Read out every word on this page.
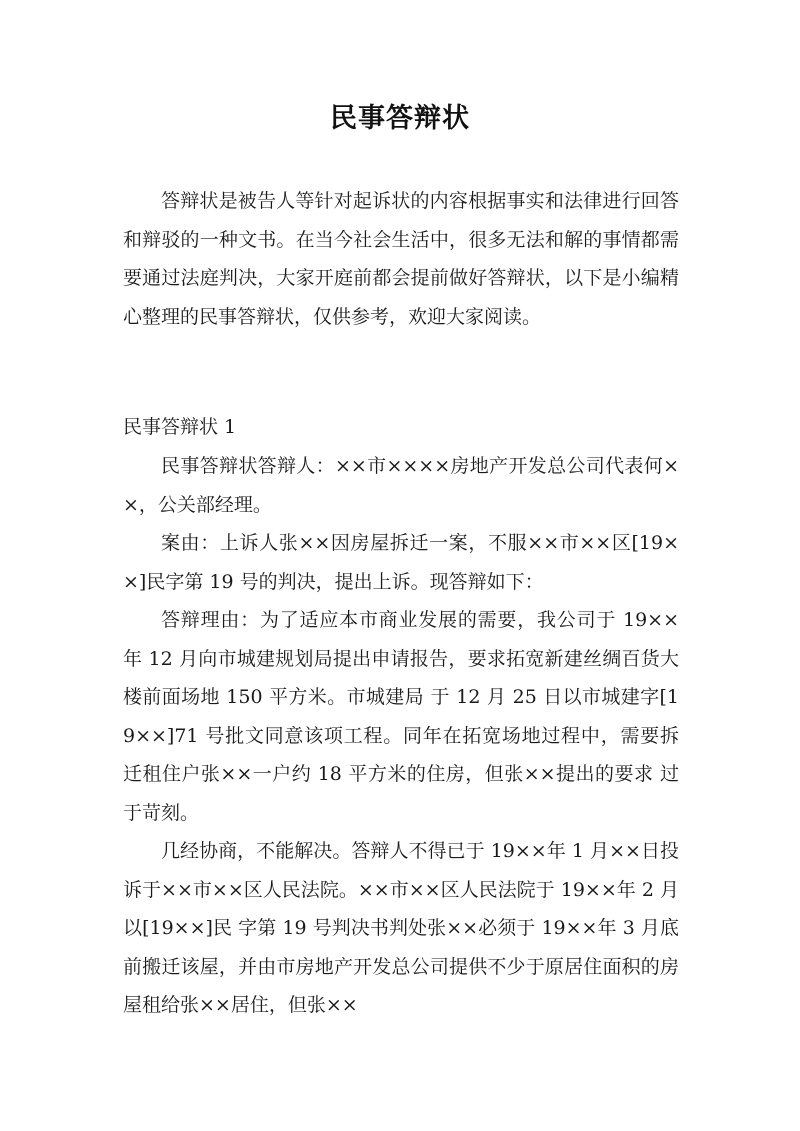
民事答辩状

答辩状是被告人等针对起诉状的内容根据事实和法律进行回答和辩驳的一种文书。在当今社会生活中，很多无法和解的事情都需要通过法庭判决，大家开庭前都会提前做好答辩状，以下是小编精心整理的民事答辩状，仅供参考，欢迎大家阅读。

民事答辩状 1

民事答辩状答辩人：××市××××房地产开发总公司代表何××，公关部经理。

案由：上诉人张××因房屋拆迁一案，不服××市××区[19××]民字第 19 号的判决，提出上诉。现答辩如下：

答辩理由：为了适应本市商业发展的需要，我公司于 19××年 12 月向市城建规划局提出申请报告，要求拓宽新建丝绸百货大楼前面场地 150 平方米。市城建局 于 12 月 25 日以市城建字[19××]71 号批文同意该项工程。同年在拓宽场地过程中，需要拆迁租住户张××一户约 18 平方米的住房，但张××提出的要求 过于苛刻。

几经协商，不能解决。答辩人不得已于 19××年 1 月××日投诉于××市××区人民法院。××市××区人民法院于 19××年 2 月以[19××]民 字第 19 号判决书判处张××必须于 19××年 3 月底前搬迁该屋，并由市房地产开发总公司提供不少于原居住面积的房屋租给张××居住，但张××
